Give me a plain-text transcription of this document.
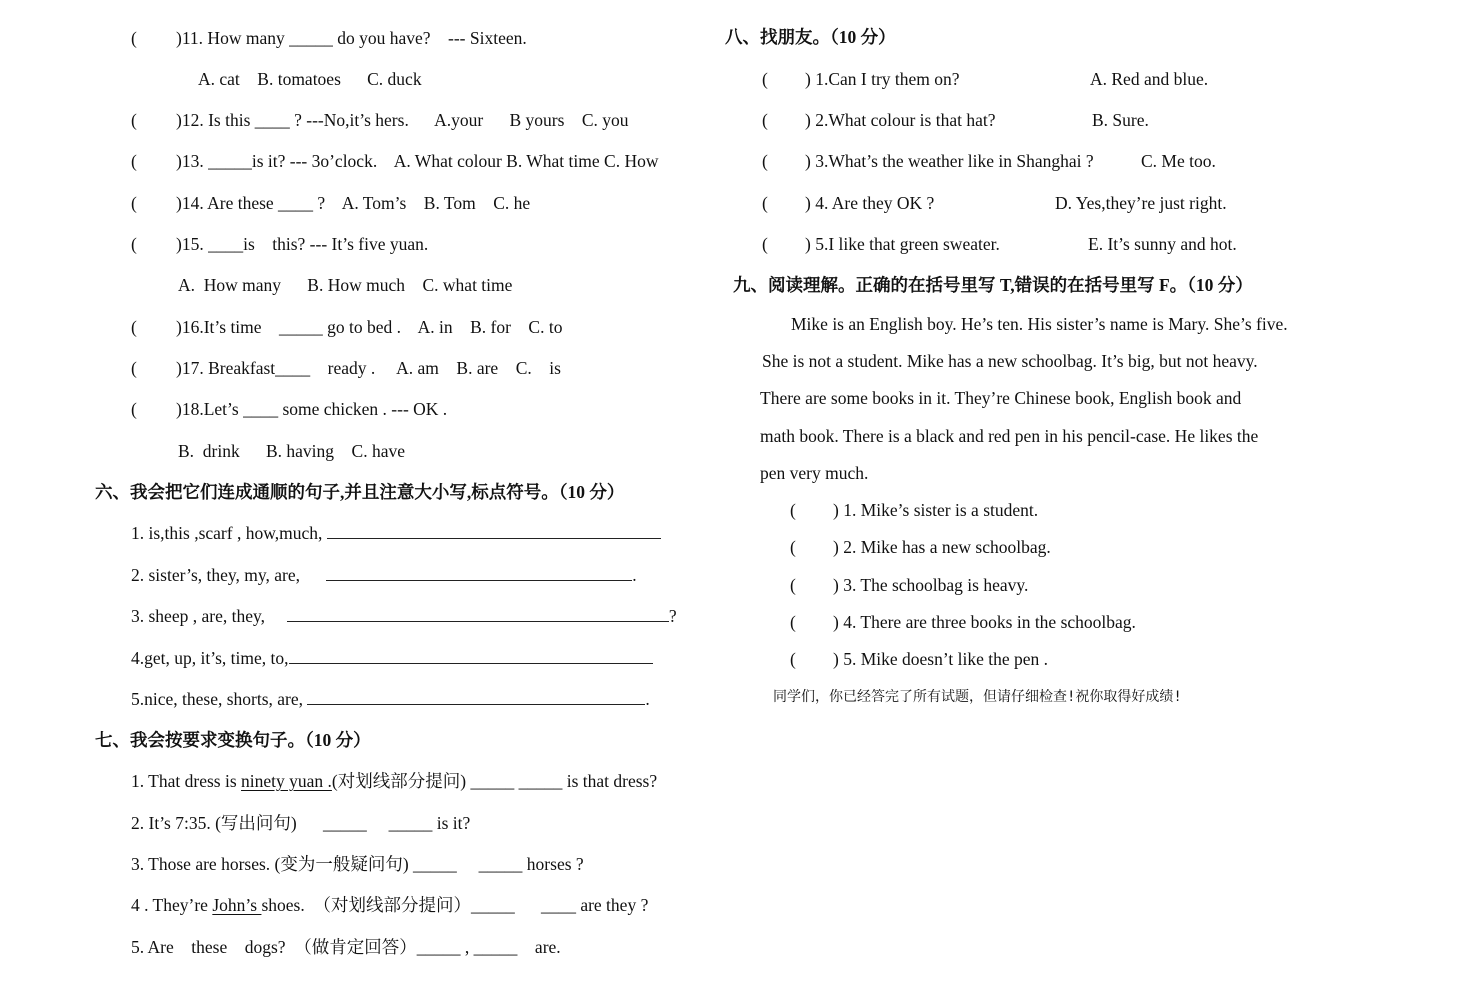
( )11. How many _____ do you have?    --- Sixteen.
A. cat    B. tomatoes      C. duck
( )12. Is this ____ ? ---No,it’s hers.      A.your      B yours    C. you
( )13. _____is it? --- 3o’clock.    A. What colour B. What time C. How
( )14. Are these ____ ?    A. Tom’s    B. Tom    C. he
( )15. ____is    this? --- It’s five yuan.
A.  How many      B. How much    C. what time
( )16.It’s time    _____ go to bed .    A. in    B. for    C. to
( )17. Breakfast____    ready .     A. am    B. are    C.    is
( )18.Let’s ____ some chicken . --- OK .
B.  drink      B. having    C. have
六、我会把它们连成通顺的句子,并且注意大小写,标点符号。（10 分）
1. is,this ,scarf , how,much,
2. sister’s, they, my, are,	.
3. sheep , are, they,	?
4.get, up, it’s, time, to,
5.nice, these, shorts, are,	.
七、我会按要求变换句子。（10 分）
1. That dress is ninety yuan .(对划线部分提问) _____ _____ is that dress?
2. It’s 7:35. (写出问句)      _____     _____ is it?
3. Those are horses. (变为一般疑问句) _____     _____ horses ?
4 . They’re John’s shoes.  （对划线部分提问）_____      ____ are they ?
5. Are    these    dogs?  （做肯定回答）_____ , _____    are.
八、找朋友。（10 分）
( ) 1.Can I try them on?	A. Red and blue.
( ) 2.What colour is that hat?	B. Sure.
( ) 3.What’s the weather like in Shanghai ?	C. Me too.
( ) 4. Are they OK ?	D. Yes,they’re just right.
( ) 5.I like that green sweater.	E. It’s sunny and hot.
九、阅读理解。正确的在括号里写 T,错误的在括号里写 F。（10 分）
Mike is an English boy. He’s ten. His sister’s name is Mary. She’s five.
She is not a student. Mike has a new schoolbag. It’s big, but not heavy.
There are some books in it. They’re Chinese book, English book and
math book. There is a black and red pen in his pencil-case. He likes the
pen very much.
( ) 1. Mike’s sister is a student.
( ) 2. Mike has a new schoolbag.
( ) 3. The schoolbag is heavy.
( ) 4. There are three books in the schoolbag.
( ) 5. Mike doesn’t like the pen .
同学们，你已经答完了所有试题，但请仔细检查!祝你取得好成绩!
